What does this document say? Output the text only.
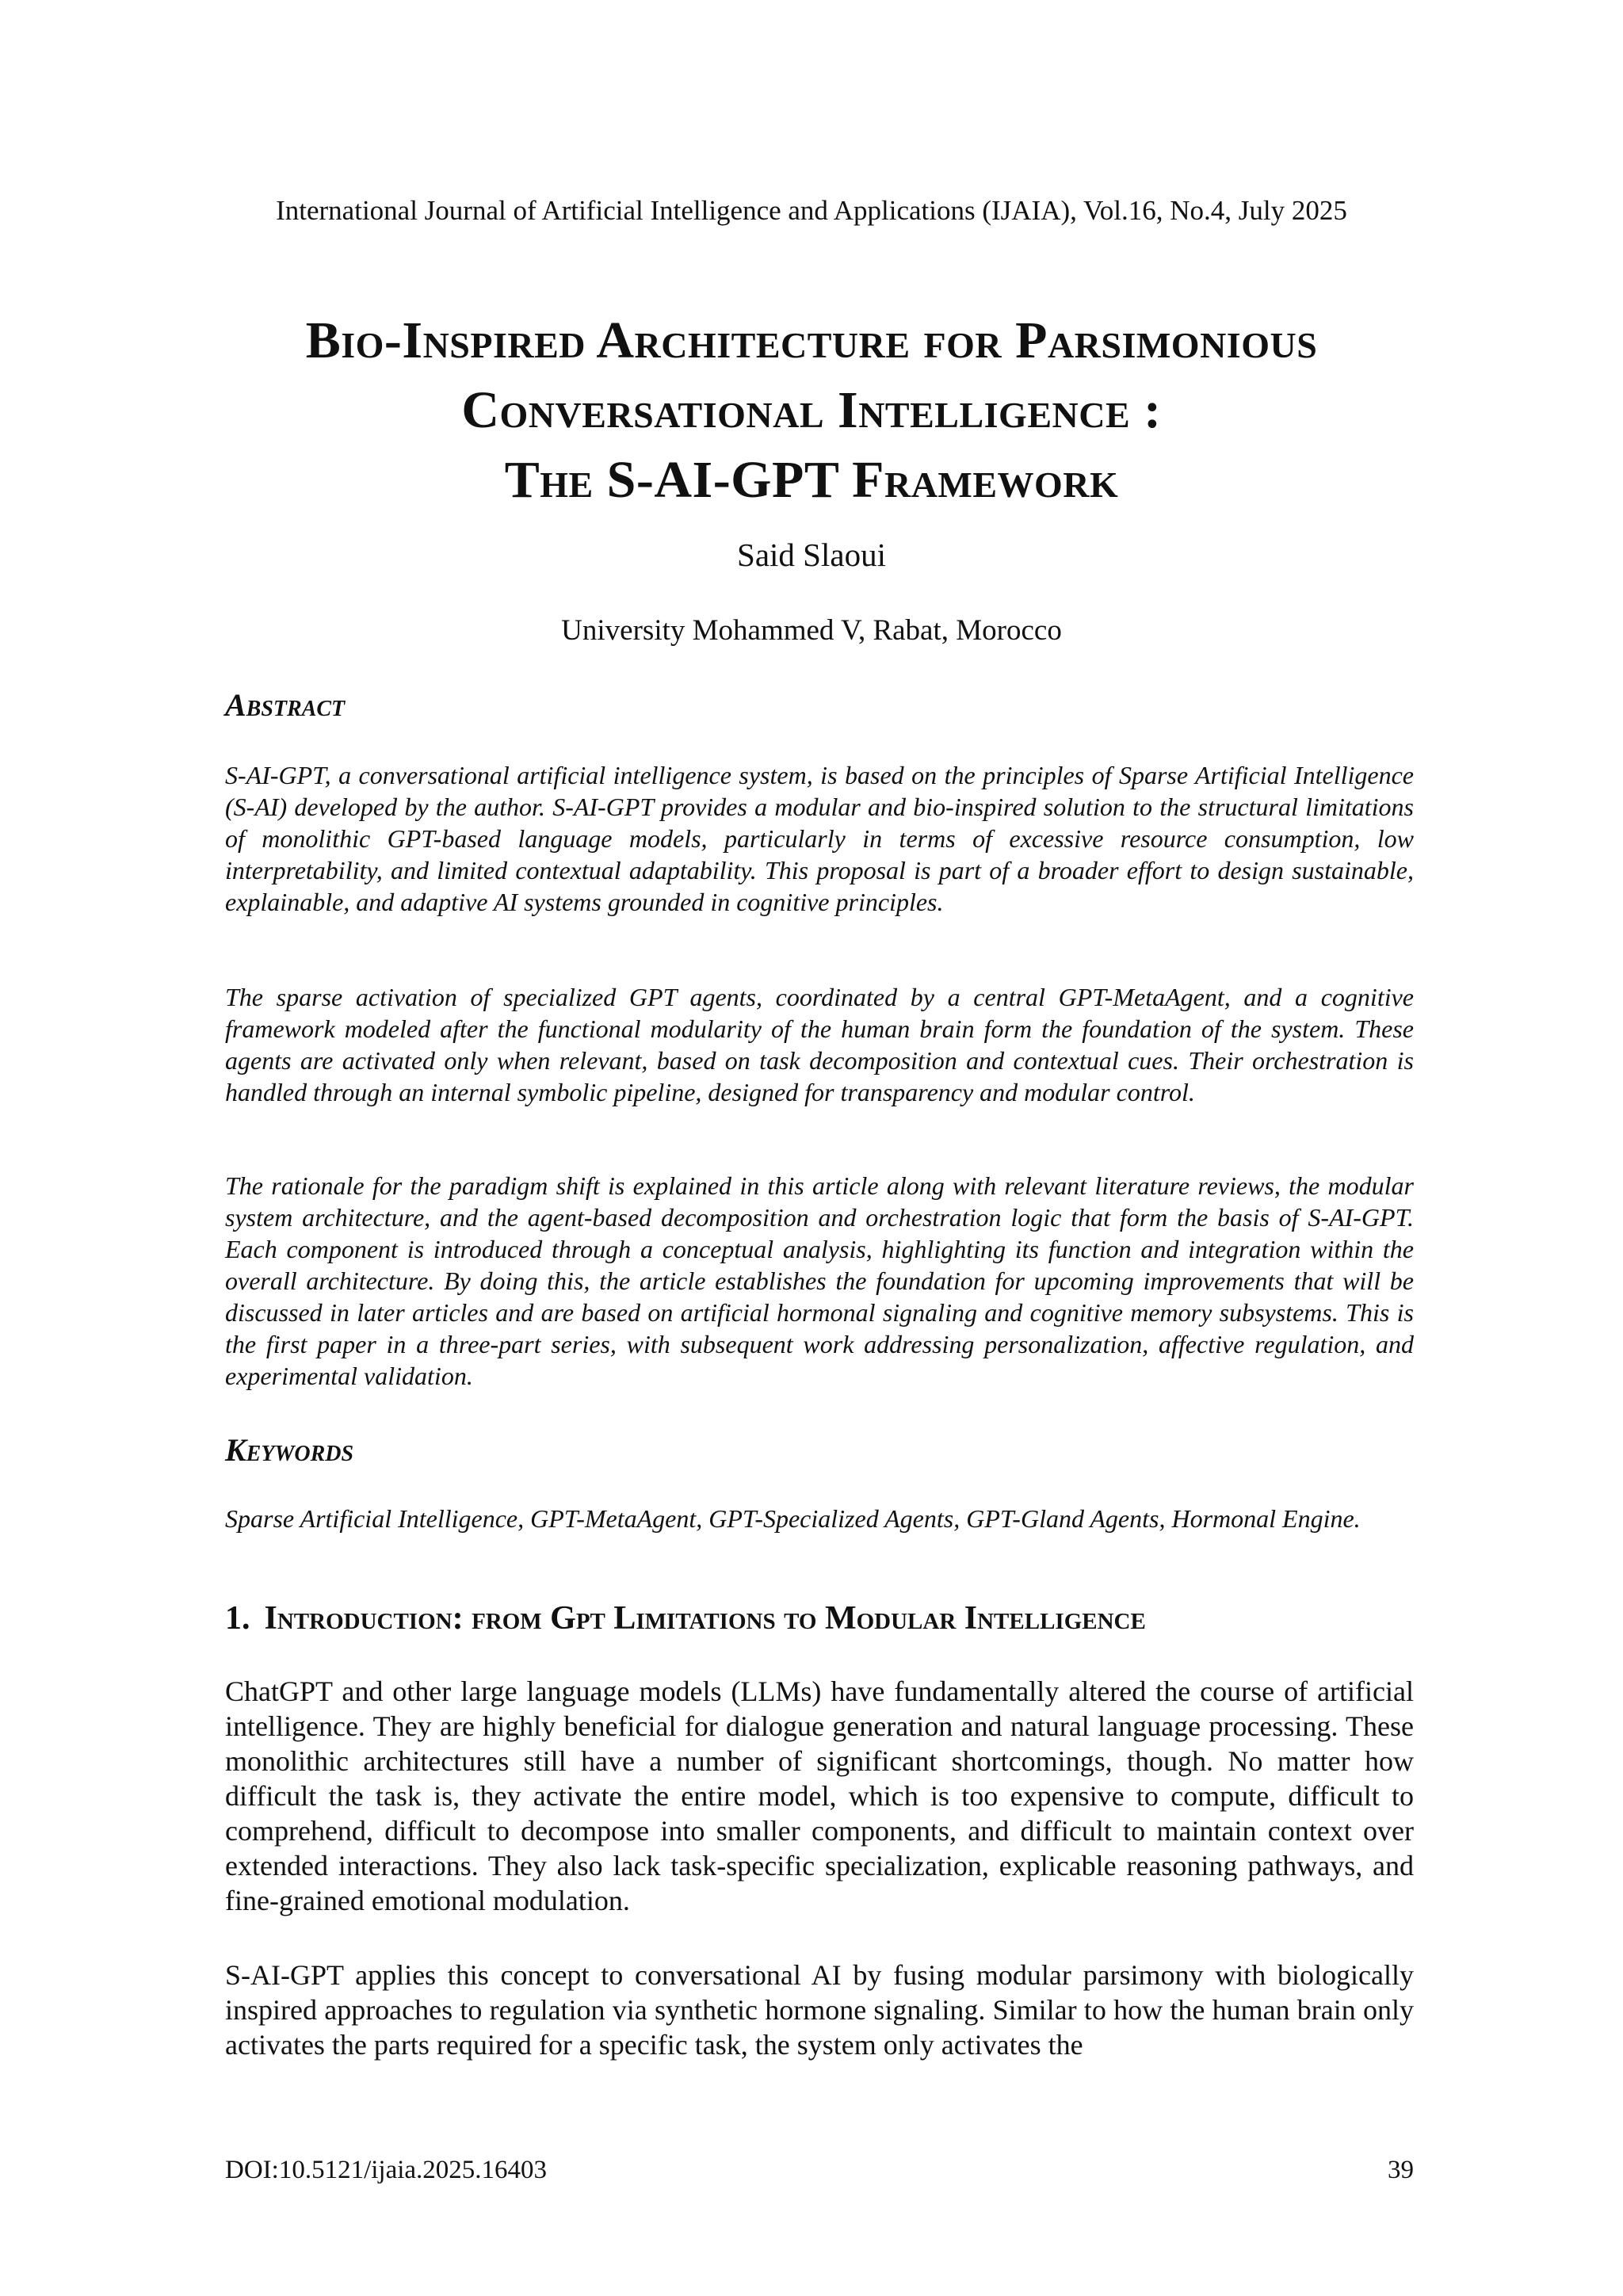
International Journal of Artificial Intelligence and Applications (IJAIA), Vol.16, No.4, July 2025
Bio-Inspired Architecture for Parsimonious
Conversational Intelligence :
The S-AI-GPT Framework
Said Slaoui
University Mohammed V, Rabat, Morocco
Abstract

S-AI-GPT, a conversational artificial intelligence system, is based on the principles of Sparse Artificial Intelligence (S-AI) developed by the author. S-AI-GPT provides a modular and bio-inspired solution to the structural limitations of monolithic GPT-based language models, particularly in terms of excessive resource consumption, low interpretability, and limited contextual adaptability. This proposal is part of a broader effort to design sustainable, explainable, and adaptive AI systems grounded in cognitive principles.

The sparse activation of specialized GPT agents, coordinated by a central GPT-MetaAgent, and a cognitive framework modeled after the functional modularity of the human brain form the foundation of the system. These agents are activated only when relevant, based on task decomposition and contextual cues. Their orchestration is handled through an internal symbolic pipeline, designed for transparency and modular control.

The rationale for the paradigm shift is explained in this article along with relevant literature reviews, the modular system architecture, and the agent-based decomposition and orchestration logic that form the basis of S-AI-GPT. Each component is introduced through a conceptual analysis, highlighting its function and integration within the overall architecture. By doing this, the article establishes the foundation for upcoming improvements that will be discussed in later articles and are based on artificial hormonal signaling and cognitive memory subsystems. This is the first paper in a three-part series, with subsequent work addressing personalization, affective regulation, and experimental validation.

Keywords

Sparse Artificial Intelligence, GPT-MetaAgent, GPT-Specialized Agents, GPT-Gland Agents, Hormonal Engine.

1. Introduction: from Gpt Limitations to Modular Intelligence

ChatGPT and other large language models (LLMs) have fundamentally altered the course of artificial intelligence. They are highly beneficial for dialogue generation and natural language processing. These monolithic architectures still have a number of significant shortcomings, though. No matter how difficult the task is, they activate the entire model, which is too expensive to compute, difficult to comprehend, difficult to decompose into smaller components, and difficult to maintain context over extended interactions. They also lack task-specific specialization, explicable reasoning pathways, and fine-grained emotional modulation.

S-AI-GPT applies this concept to conversational AI by fusing modular parsimony with biologically inspired approaches to regulation via synthetic hormone signaling. Similar to how the human brain only activates the parts required for a specific task, the system only activates the

DOI:10.5121/ijaia.2025.16403	39
